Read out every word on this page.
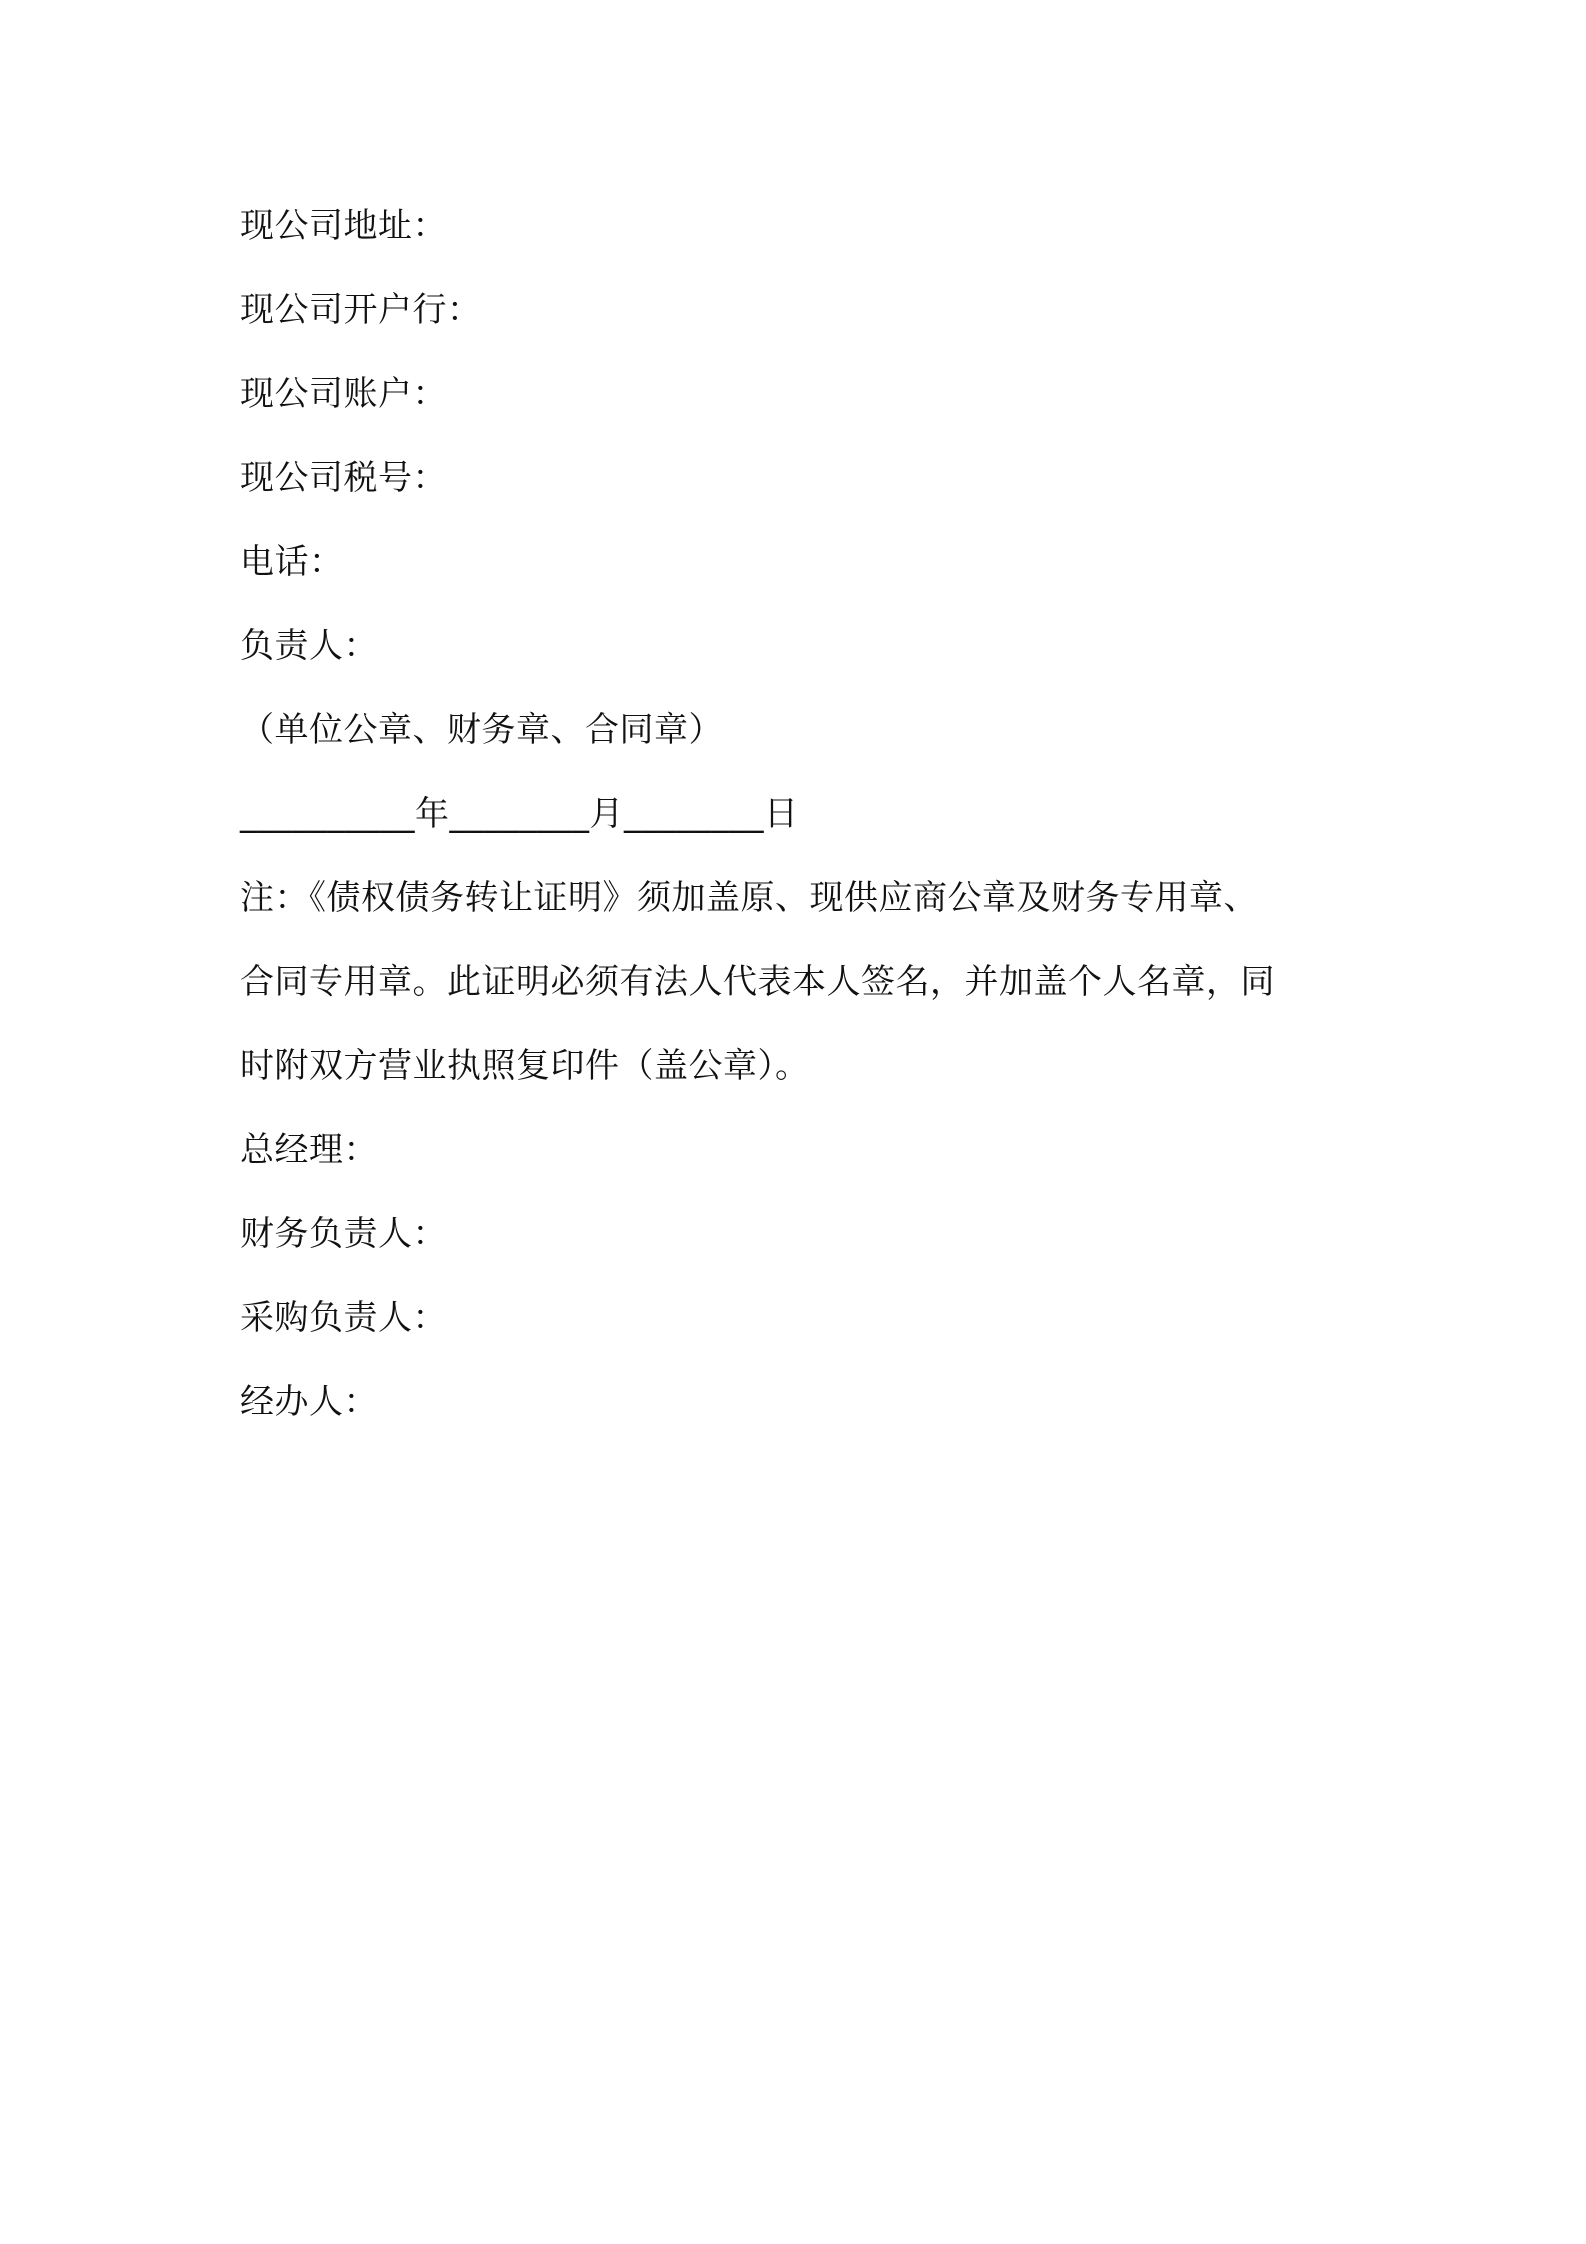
现公司地址：
现公司开户行：
现公司账户：
现公司税号：
电话：
负责人：
（单位公章、财务章、合同章）
__________年________月________日
注：《债权债务转让证明》须加盖原、现供应商公章及财务专用章、
合同专用章。此证明必须有法人代表本人签名，并加盖个人名章，同
时附双方营业执照复印件（盖公章）。
总经理：
财务负责人：
采购负责人：
经办人：
